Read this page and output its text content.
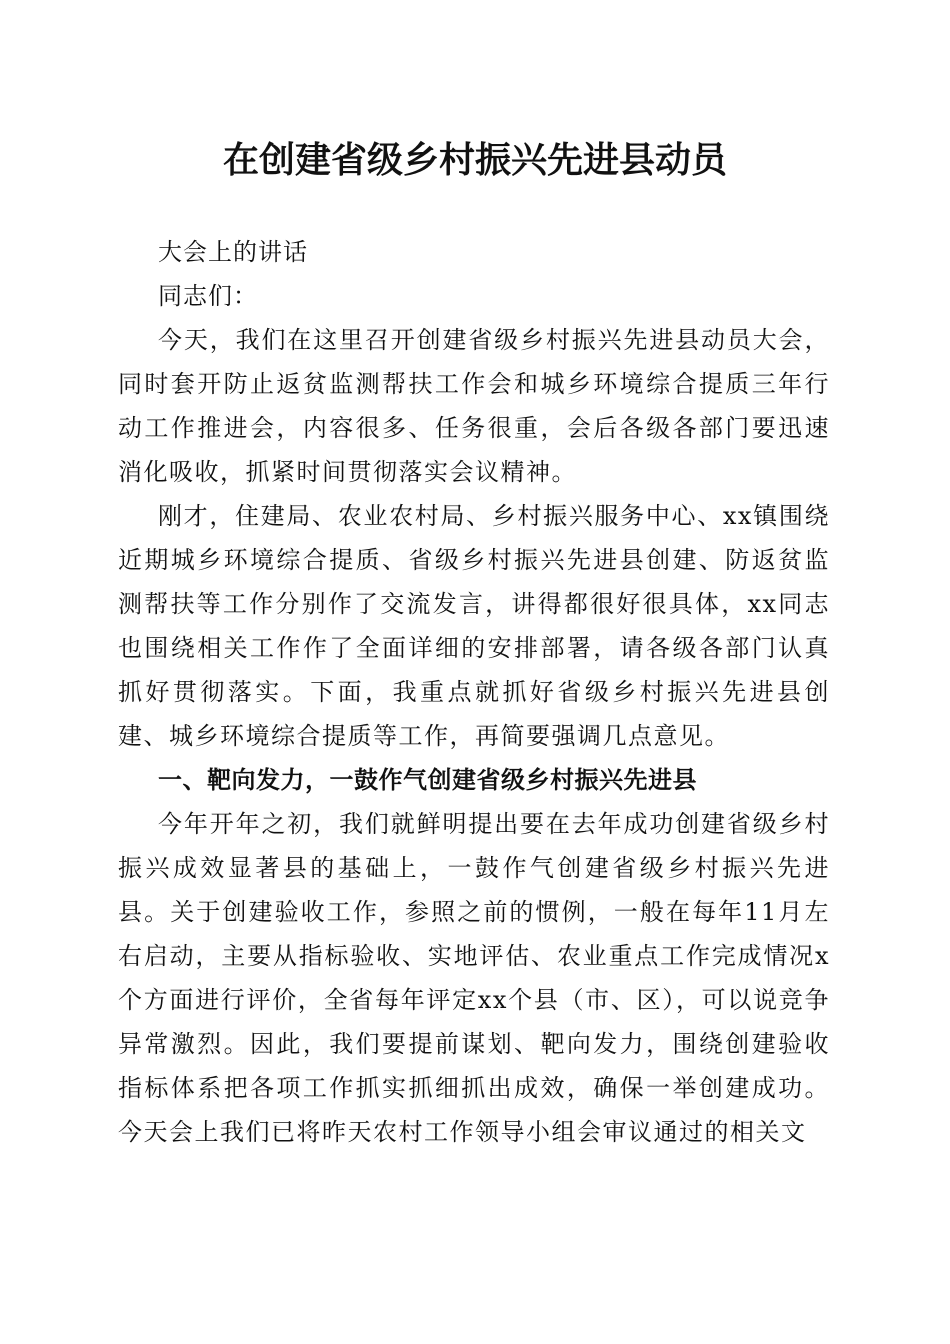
在创建省级乡村振兴先进县动员

大会上的讲话

同志们：

今天，我们在这里召开创建省级乡村振兴先进县动员大会，同时套开防止返贫监测帮扶工作会和城乡环境综合提质三年行动工作推进会，内容很多、任务很重，会后各级各部门要迅速消化吸收，抓紧时间贯彻落实会议精神。

刚才，住建局、农业农村局、乡村振兴服务中心、xx镇围绕近期城乡环境综合提质、省级乡村振兴先进县创建、防返贫监测帮扶等工作分别作了交流发言，讲得都很好很具体，xx同志也围绕相关工作作了全面详细的安排部署，请各级各部门认真抓好贯彻落实。下面，我重点就抓好省级乡村振兴先进县创建、城乡环境综合提质等工作，再简要强调几点意见。

一、靶向发力，一鼓作气创建省级乡村振兴先进县

今年开年之初，我们就鲜明提出要在去年成功创建省级乡村振兴成效显著县的基础上，一鼓作气创建省级乡村振兴先进县。关于创建验收工作，参照之前的惯例，一般在每年11月左右启动，主要从指标验收、实地评估、农业重点工作完成情况x个方面进行评价，全省每年评定xx个县（市、区），可以说竞争异常激烈。因此，我们要提前谋划、靶向发力，围绕创建验收指标体系把各项工作抓实抓细抓出成效，确保一举创建成功。今天会上我们已将昨天农村工作领导小组会审议通过的相关文
